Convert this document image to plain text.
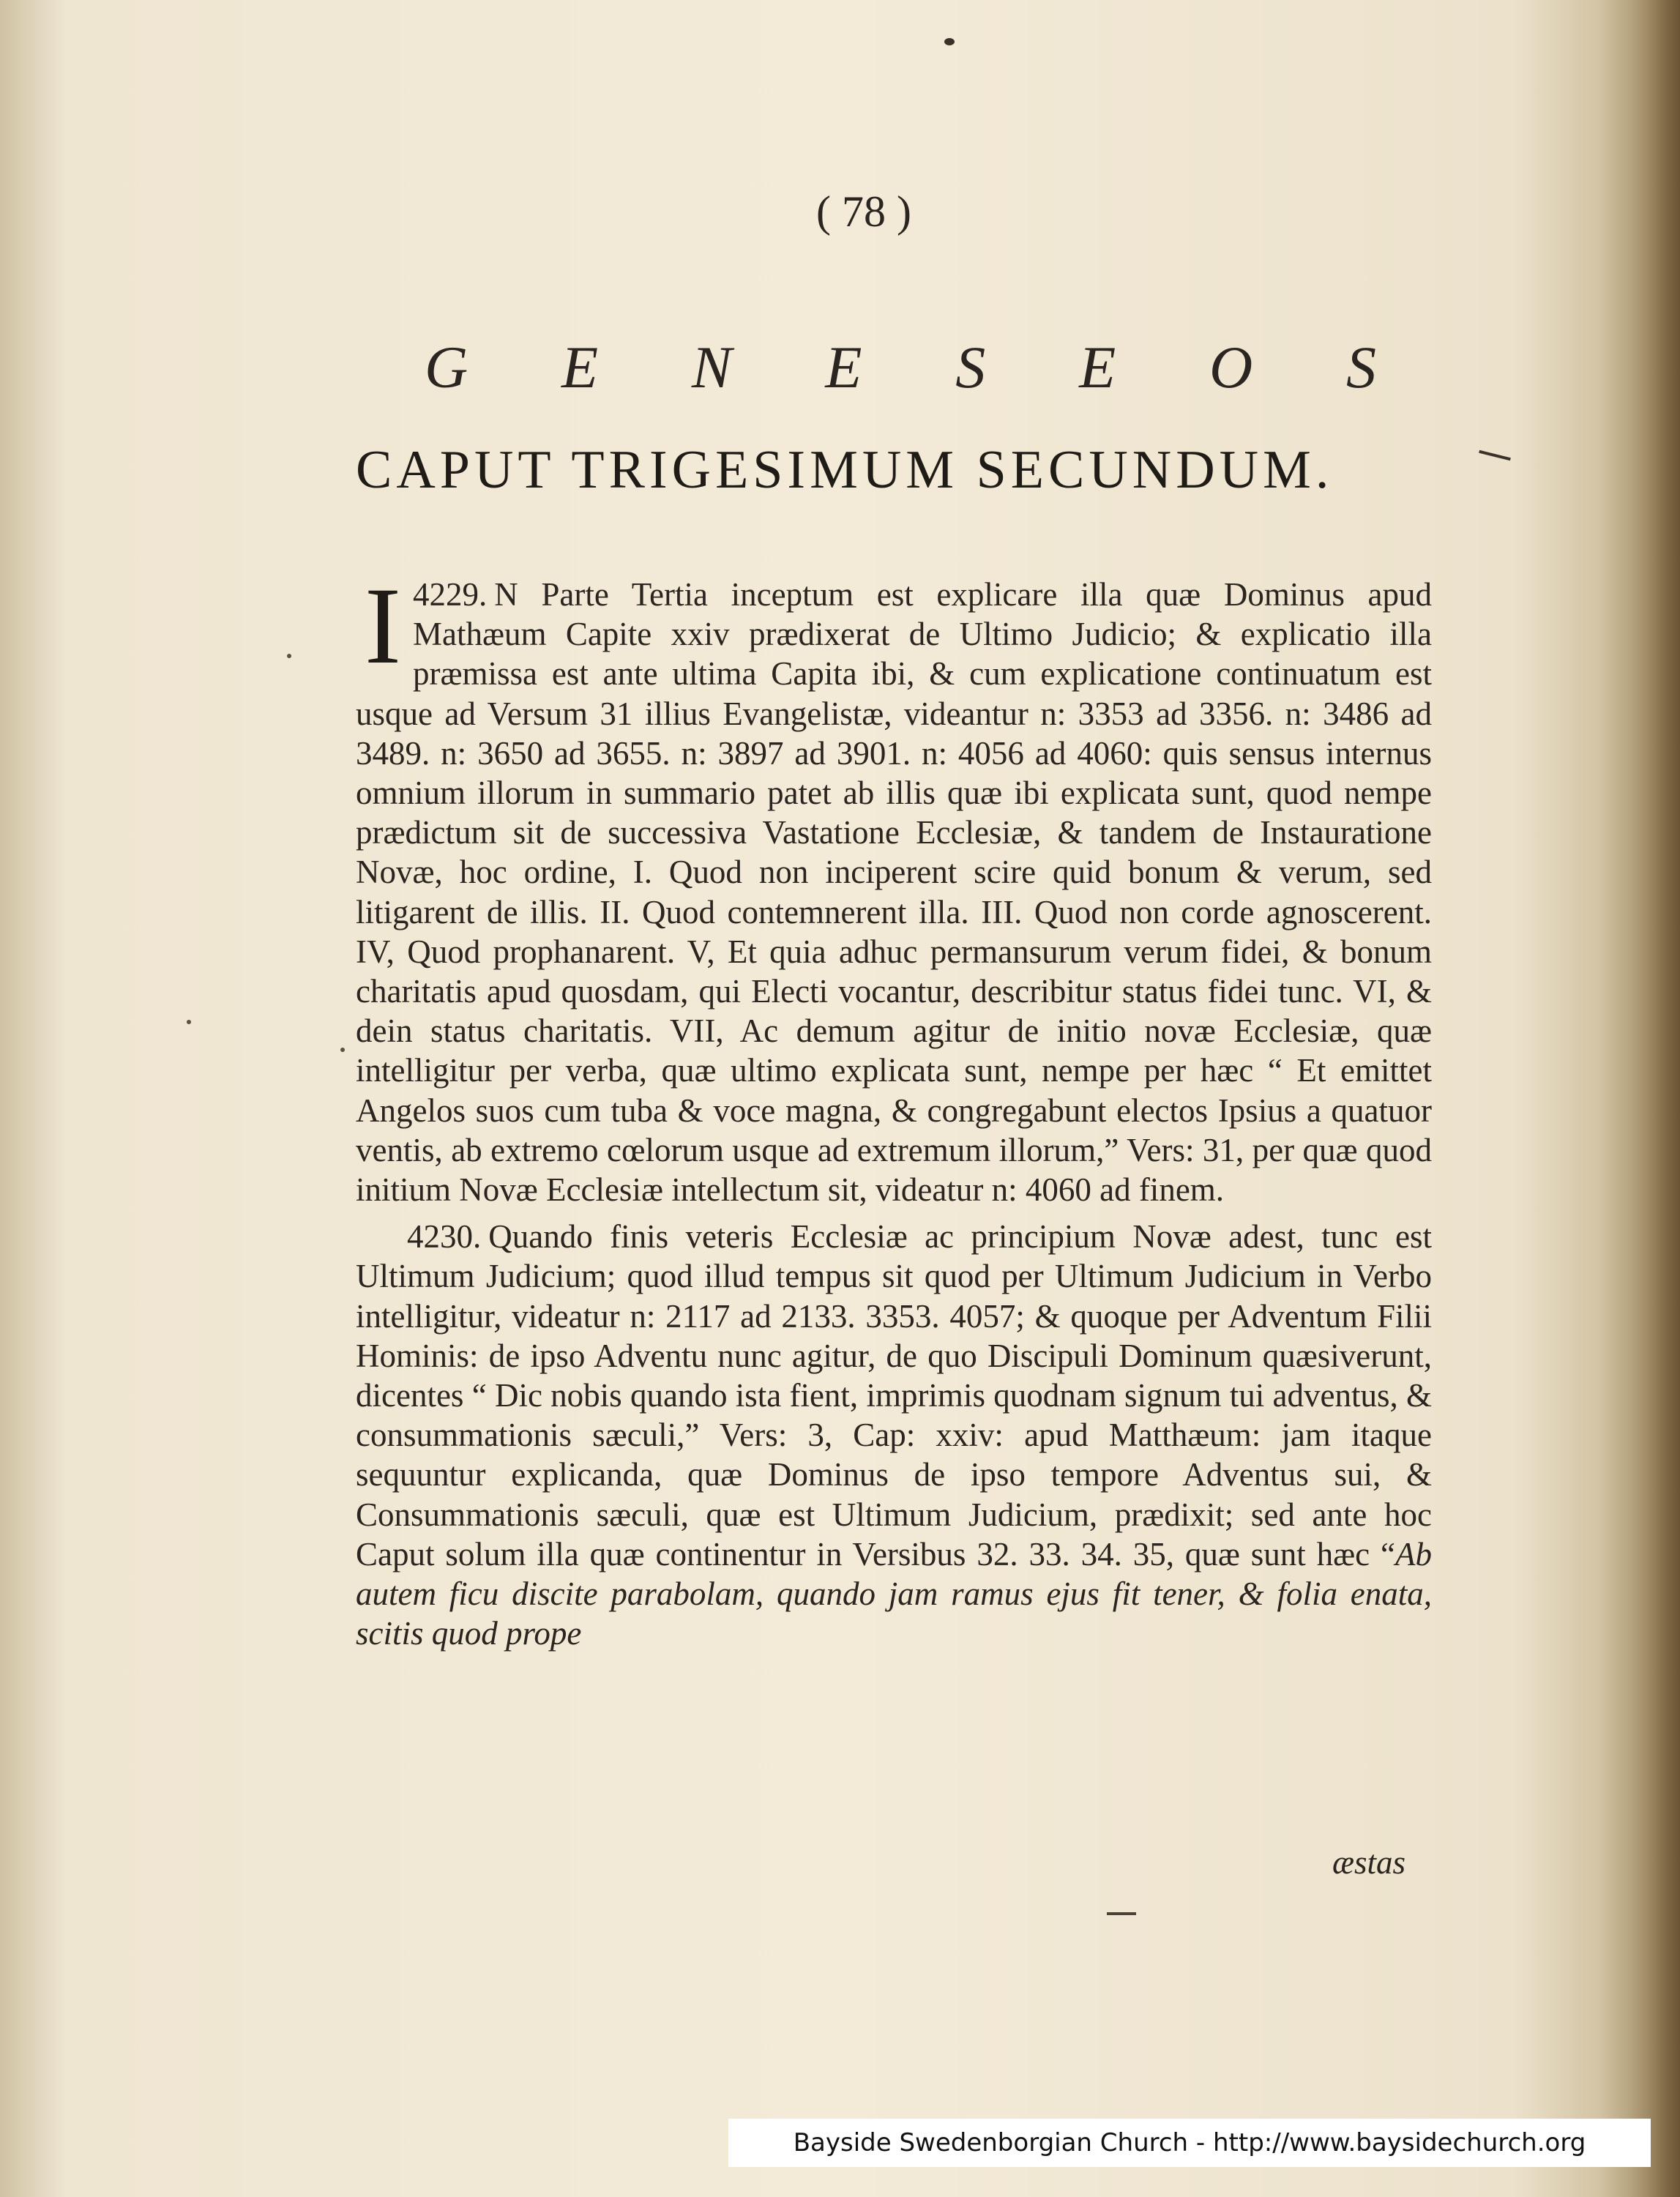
( 78 )
G E N E S E O S
CAPUT TRIGESIMUM SECUNDUM.

4229.
I	N Parte Tertia inceptum est explicare illa quæ Dominus apud Mathæum Capite xxiv prædixerat de Ultimo Judicio; & explicatio illa præmissa est ante ultima Capita ibi, & cum explicatione continuatum est usque ad Versum 31 illius Evangelistæ, videantur n: 3353 ad 3356. n: 3486 ad 3489. n: 3650 ad 3655. n: 3897 ad 3901. n: 4056 ad 4060: quis sensus internus omnium illorum in summario patet ab illis quæ ibi explicata sunt, quod nempe prædictum sit de successiva Vastatione Ecclesiæ, & tandem de Instauratione Novæ, hoc ordine, I. Quod non inciperent scire quid bonum & verum, sed litigarent de illis. II. Quod contemnerent illa. III. Quod non corde agnoscerent. IV, Quod prophanarent. V, Et quia adhuc permansurum verum fidei, & bonum charitatis apud quosdam, qui Electi vocantur, describitur status fidei tunc. VI, & dein status charitatis. VII, Ac demum agitur de initio novæ Ecclesiæ, quæ intelligitur per verba, quæ ultimo explicata sunt, nempe per hæc “ Et emittet Angelos suos cum tuba & voce magna, & congregabunt electos Ipsius a quatuor ventis, ab extremo cœlorum usque ad extremum illorum,” Vers: 31, per quæ quod initium Novæ Ecclesiæ intellectum sit, videatur n: 4060 ad finem.

4230. Quando finis veteris Ecclesiæ ac principium Novæ adest, tunc est Ultimum Judicium; quod illud tempus sit quod per Ultimum Judicium in Verbo intelligitur, videatur n: 2117 ad 2133. 3353. 4057; & quoque per Adventum Filii Hominis: de ipso Adventu nunc agitur, de quo Discipuli Dominum quæsiverunt, dicentes “ Dic nobis quando ista fient, imprimis quodnam signum tui adventus, & consummationis sæculi,” Vers: 3, Cap: xxiv: apud Matthæum: jam itaque sequuntur explicanda, quæ Dominus de ipso tempore Adventus sui, & Consummationis sæculi, quæ est Ultimum Judicium, prædixit; sed ante hoc Caput solum illa quæ continentur in Versibus 32. 33. 34. 35, quæ sunt hæc “Ab autem ficu discite parabolam, quando jam ramus ejus fit tener, & folia enata, scitis quod prope

æstas
Bayside Swedenborgian Church - http://www.baysidechurch.org
